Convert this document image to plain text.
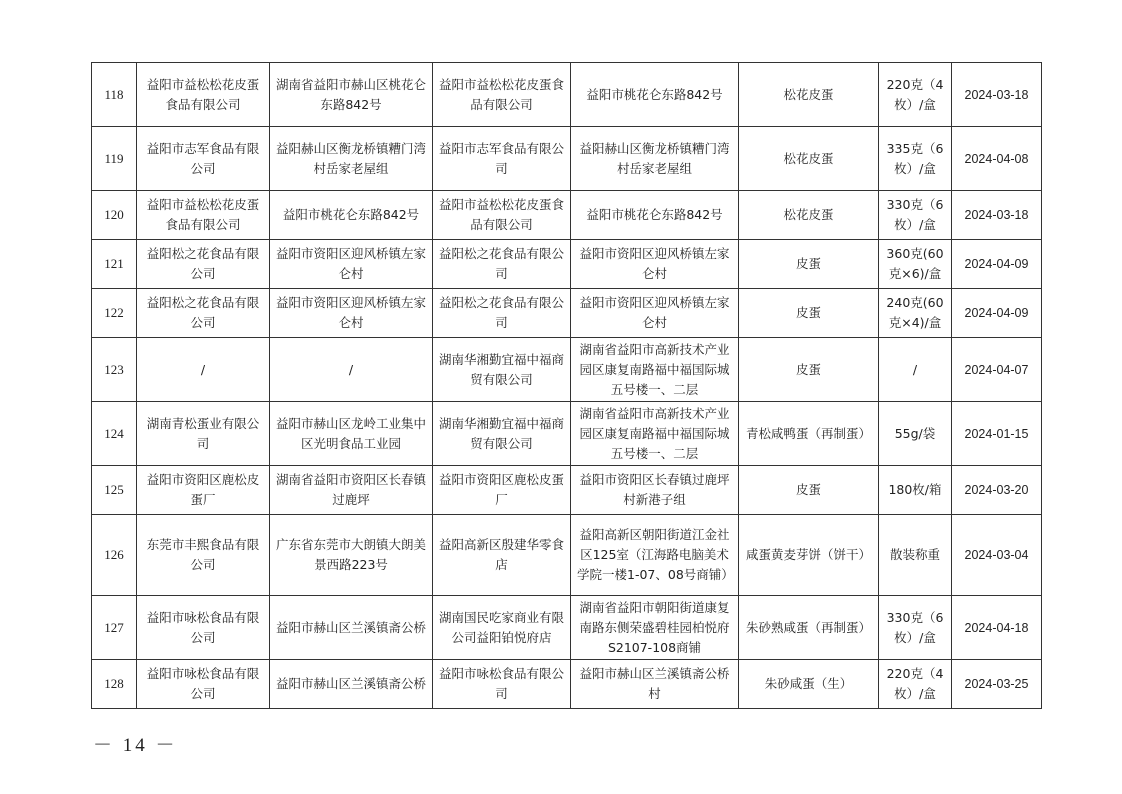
118	益阳市益松松花皮蛋食品有限公司	湖南省益阳市赫山区桃花仑东路842号	益阳市益松松花皮蛋食品有限公司	益阳市桃花仑东路842号	松花皮蛋	220克（4枚）/盒	2024-03-18
119	益阳市志军食品有限公司	益阳赫山区衡龙桥镇糟门湾村岳家老屋组	益阳市志军食品有限公司	益阳赫山区衡龙桥镇糟门湾村岳家老屋组	松花皮蛋	335克（6枚）/盒	2024-04-08
120	益阳市益松松花皮蛋食品有限公司	益阳市桃花仑东路842号	益阳市益松松花皮蛋食品有限公司	益阳市桃花仑东路842号	松花皮蛋	330克（6枚）/盒	2024-03-18
121	益阳松之花食品有限公司	益阳市资阳区迎风桥镇左家仑村	益阳松之花食品有限公司	益阳市资阳区迎风桥镇左家仑村	皮蛋	360克(60克×6)/盒	2024-04-09
122	益阳松之花食品有限公司	益阳市资阳区迎风桥镇左家仑村	益阳松之花食品有限公司	益阳市资阳区迎风桥镇左家仑村	皮蛋	240克(60克×4)/盒	2024-04-09
123	/	/	湖南华湘勤宜福中福商贸有限公司	湖南省益阳市高新技术产业园区康复南路福中福国际城五号楼一、二层	皮蛋	/	2024-04-07
124	湖南青松蛋业有限公司	益阳市赫山区龙岭工业集中区光明食品工业园	湖南华湘勤宜福中福商贸有限公司	湖南省益阳市高新技术产业园区康复南路福中福国际城五号楼一、二层	青松咸鸭蛋（再制蛋）	55g/袋	2024-01-15
125	益阳市资阳区鹿松皮蛋厂	湖南省益阳市资阳区长春镇过鹿坪	益阳市资阳区鹿松皮蛋厂	益阳市资阳区长春镇过鹿坪村新港子组	皮蛋	180枚/箱	2024-03-20
126	东莞市丰熙食品有限公司	广东省东莞市大朗镇大朗美景西路223号	益阳高新区殷建华零食店	益阳高新区朝阳街道江金社区125室（江海路电脑美术学院一楼1-07、08号商铺）	咸蛋黄麦芽饼（饼干）	散装称重	2024-03-04
127	益阳市咏松食品有限公司	益阳市赫山区兰溪镇斋公桥	湖南国民吃家商业有限公司益阳铂悦府店	湖南省益阳市朝阳街道康复南路东侧荣盛碧桂园柏悦府S2107-108商铺	朱砂熟咸蛋（再制蛋）	330克（6枚）/盒	2024-04-18
128	益阳市咏松食品有限公司	益阳市赫山区兰溪镇斋公桥	益阳市咏松食品有限公司	益阳市赫山区兰溪镇斋公桥村	朱砂咸蛋（生）	220克（4枚）/盒	2024-03-25
－ 14 －
